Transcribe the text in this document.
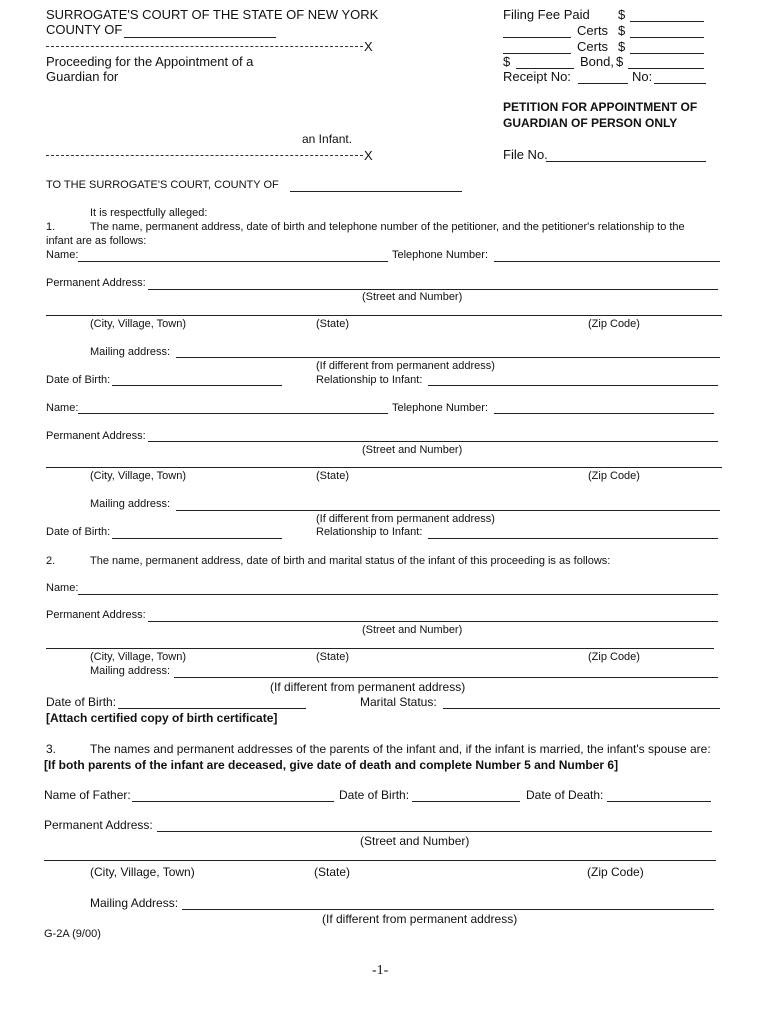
SURROGATE'S COURT OF THE STATE OF NEW YORK
COUNTY OF
X
Proceeding for the Appointment of a
Guardian for
an Infant.
X
Filing Fee Paid $
Certs $
Certs $
$	Bond, $
Receipt No:	No:
PETITION FOR APPOINTMENT OF
GUARDIAN OF PERSON ONLY
File No.
TO THE SURROGATE'S COURT, COUNTY OF
It is respectfully alleged:
1.	The name, permanent address, date of birth and telephone number of the petitioner, and the petitioner's relationship to the
infant are as follows:
Name:	Telephone Number:
Permanent Address:
(Street and Number)
(City, Village, Town)	(State)	(Zip Code)
Mailing address:
(If different from permanent address)
Date of Birth:	Relationship to Infant:
Name:	Telephone Number:
Permanent Address:
(Street and Number)
(City, Village, Town)	(State)	(Zip Code)
Mailing address:
(If different from permanent address)
Date of Birth:	Relationship to Infant:
2.	The name, permanent address, date of birth and marital status of the infant of this proceeding is as follows:
Name:
Permanent Address:
(Street and Number)
(City, Village, Town)	(State)	(Zip Code)
Mailing address:
(If different from permanent address)
Date of Birth:	Marital Status:
[Attach certified copy of birth certificate]
3.	The names and permanent addresses of the parents of the infant and, if the infant is married, the infant's spouse are:
[If both parents of the infant are deceased, give date of death and complete Number 5 and Number 6]
Name of Father:	Date of Birth:	Date of Death:
Permanent Address:
(Street and Number)
(City, Village, Town)	(State)	(Zip Code)
Mailing Address:
(If different from permanent address)
G-2A (9/00)
-1-
